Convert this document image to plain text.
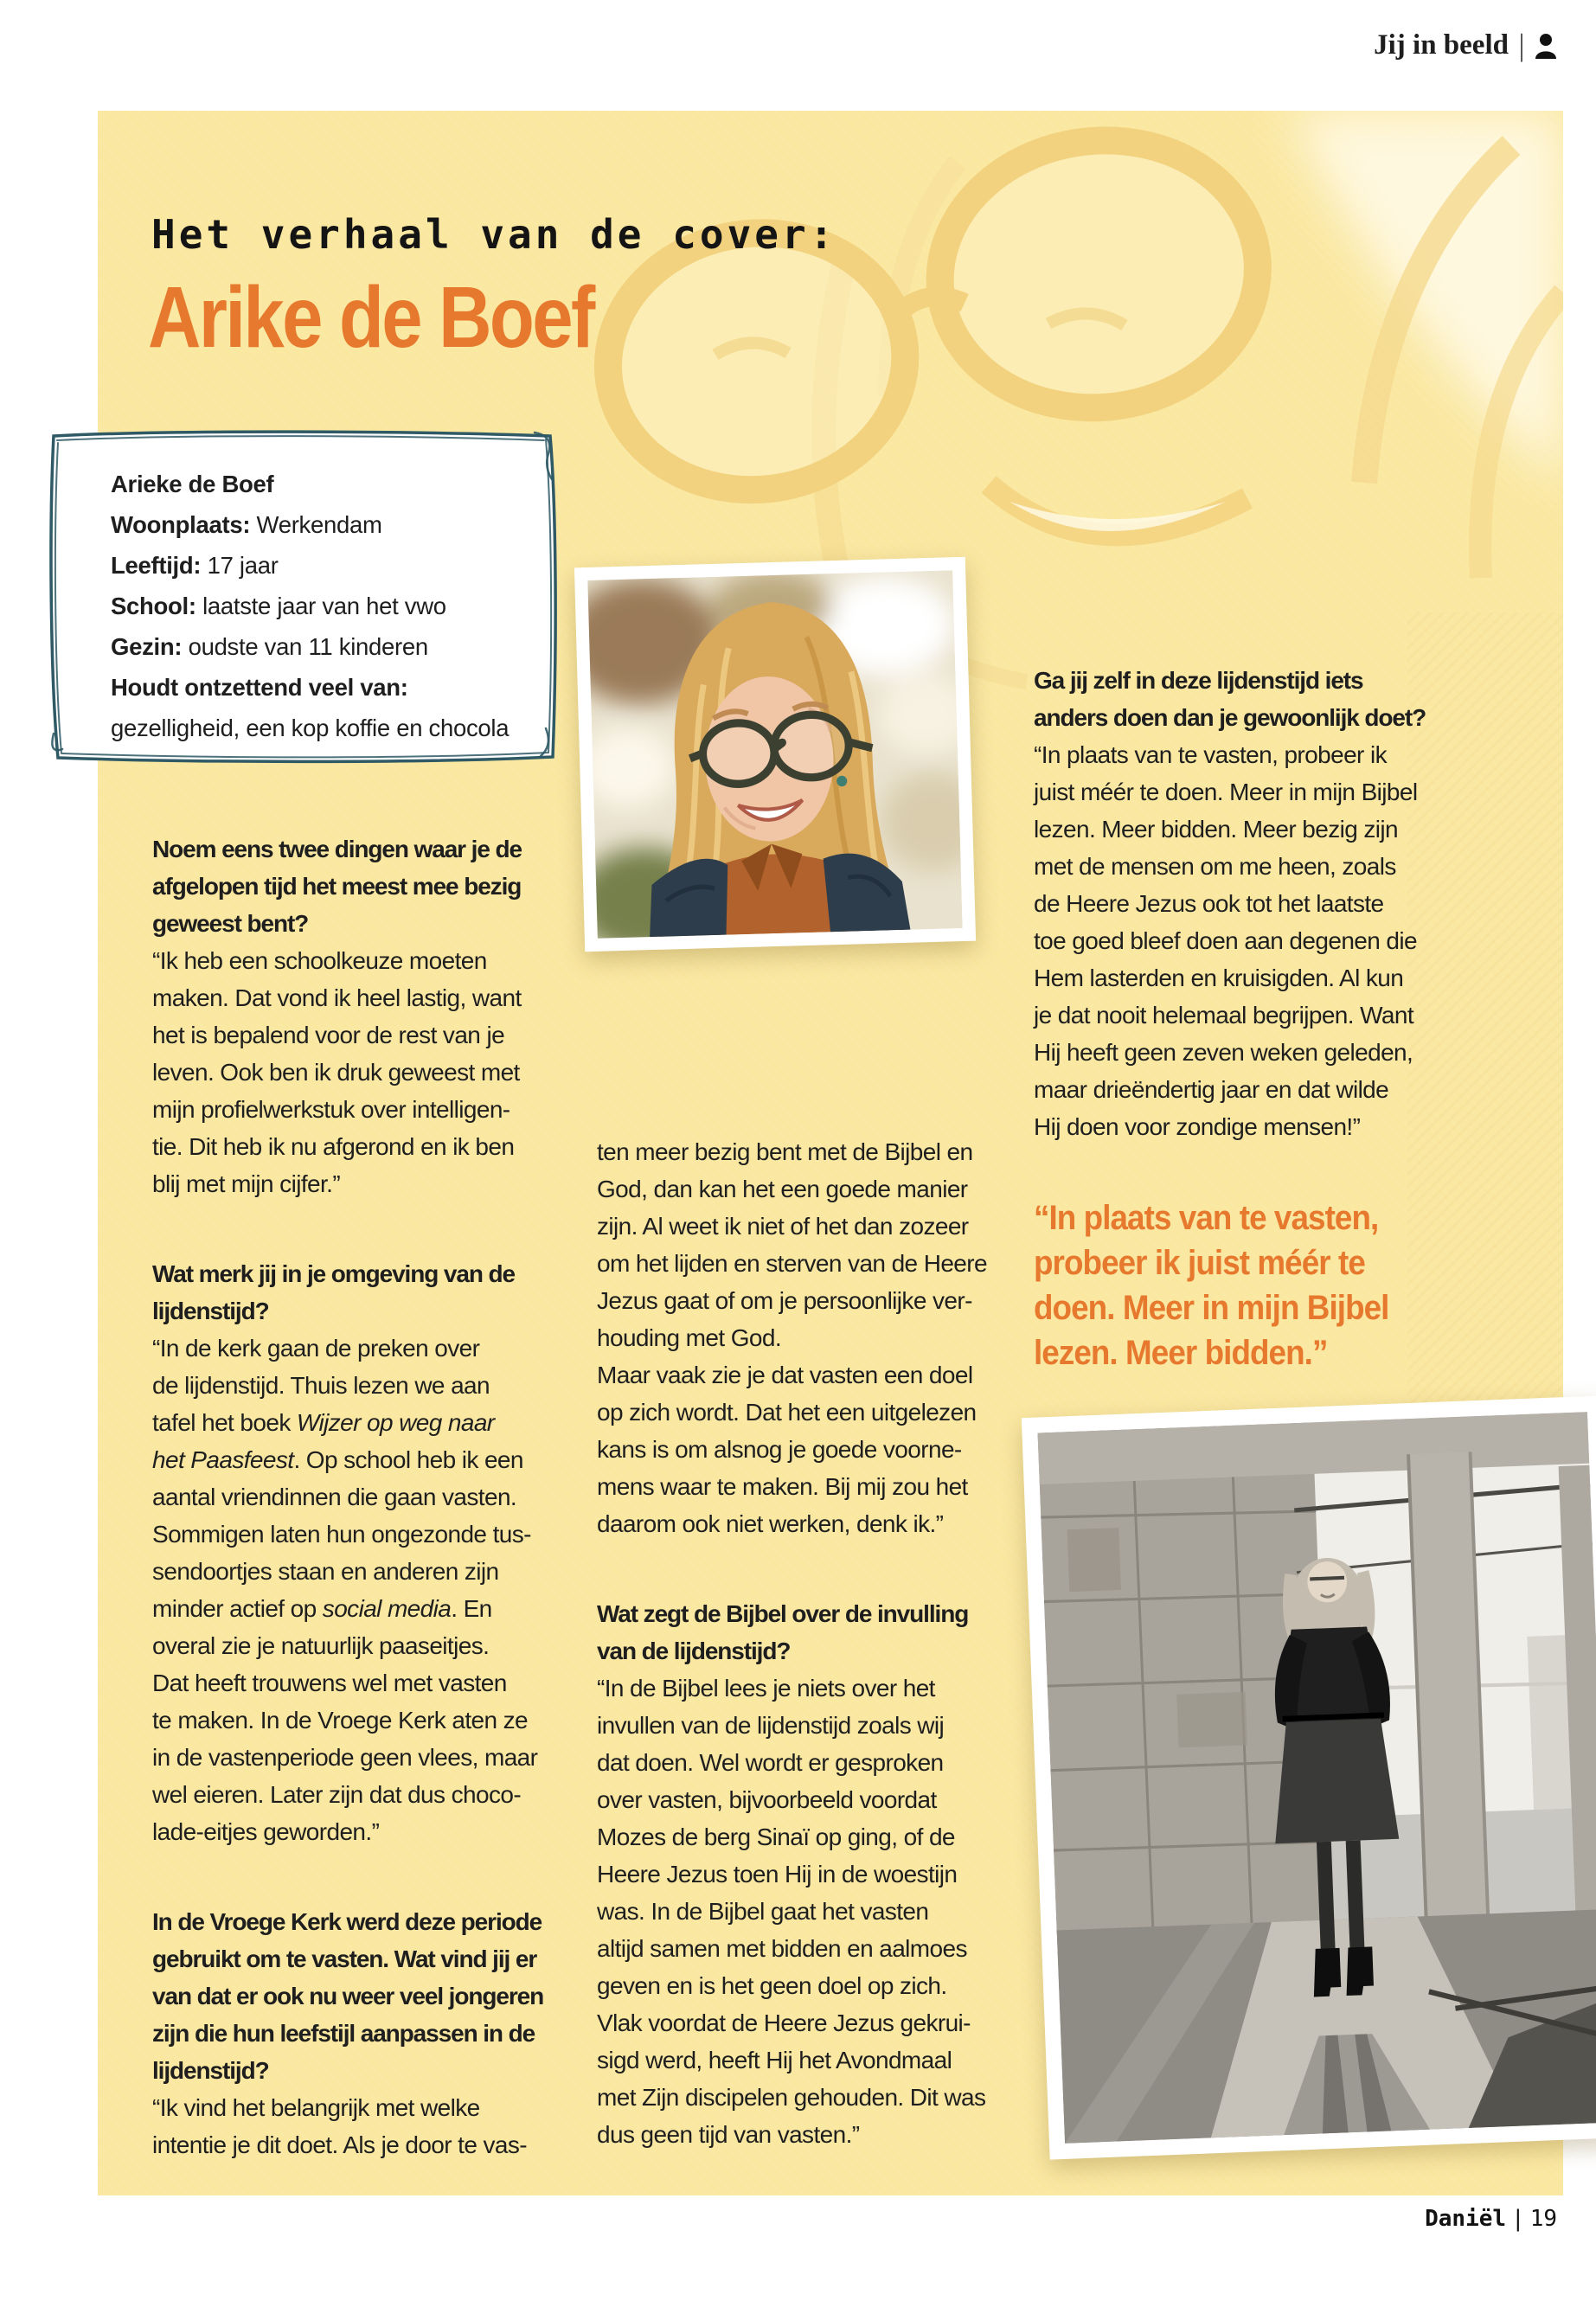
Jij in beeld |
Het verhaal van de cover:
Arike de Boef
Noem eens twee dingen waar je de
afgelopen tijd het meest mee bezig
geweest bent?
“Ik heb een schoolkeuze moeten
maken. Dat vond ik heel lastig, want
het is bepalend voor de rest van je
leven. Ook ben ik druk geweest met
mijn profielwerkstuk over intelligen-
tie. Dit heb ik nu afgerond en ik ben
blij met mijn cijfer.”
Wat merk jij in je omgeving van de
lijdenstijd?
“In de kerk gaan de preken over
de lijdenstijd. Thuis lezen we aan
tafel het boek Wijzer op weg naar
het Paasfeest. Op school heb ik een
aantal vriendinnen die gaan vasten.
Sommigen laten hun ongezonde tus-
sendoortjes staan en anderen zijn
minder actief op social media. En
overal zie je natuurlijk paaseitjes.
Dat heeft trouwens wel met vasten
te maken. In de Vroege Kerk aten ze
in de vastenperiode geen vlees, maar
wel eieren. Later zijn dat dus choco-
lade-eitjes geworden.”
In de Vroege Kerk werd deze periode
gebruikt om te vasten. Wat vind jij er
van dat er ook nu weer veel jongeren
zijn die hun leefstijl aanpassen in de
lijdenstijd?
“Ik vind het belangrijk met welke
intentie je dit doet. Als je door te vas-
ten meer bezig bent met de Bijbel en
God, dan kan het een goede manier
zijn. Al weet ik niet of het dan zozeer
om het lijden en sterven van de Heere
Jezus gaat of om je persoonlijke ver-
houding met God.
Maar vaak zie je dat vasten een doel
op zich wordt. Dat het een uitgelezen
kans is om alsnog je goede voorne-
mens waar te maken. Bij mij zou het
daarom ook niet werken, denk ik.”
Wat zegt de Bijbel over de invulling
van de lijdenstijd?
“In de Bijbel lees je niets over het
invullen van de lijdenstijd zoals wij
dat doen. Wel wordt er gesproken
over vasten, bijvoorbeeld voordat
Mozes de berg Sinaï op ging, of de
Heere Jezus toen Hij in de woestijn
was. In de Bijbel gaat het vasten
altijd samen met bidden en aalmoes
geven en is het geen doel op zich.
Vlak voordat de Heere Jezus gekrui-
sigd werd, heeft Hij het Avondmaal
met Zijn discipelen gehouden. Dit was
dus geen tijd van vasten.”
Ga jij zelf in deze lijdenstijd iets
anders doen dan je gewoonlijk doet?
“In plaats van te vasten, probeer ik
juist méér te doen. Meer in mijn Bijbel
lezen. Meer bidden. Meer bezig zijn
met de mensen om me heen, zoals
de Heere Jezus ook tot het laatste
toe goed bleef doen aan degenen die
Hem lasterden en kruisigden. Al kun
je dat nooit helemaal begrijpen. Want
Hij heeft geen zeven weken geleden,
maar drieëndertig jaar en dat wilde
Hij doen voor zondige mensen!”
“In plaats van te vasten,
probeer ik juist méér te
doen. Meer in mijn Bijbel
lezen. Meer bidden.”
Arieke de Boef
Woonplaats: Werkendam
Leeftijd: 17 jaar
School: laatste jaar van het vwo
Gezin: oudste van 11 kinderen
Houdt ontzettend veel van:
gezelligheid, een kop koffie en chocola
Daniël | 19
